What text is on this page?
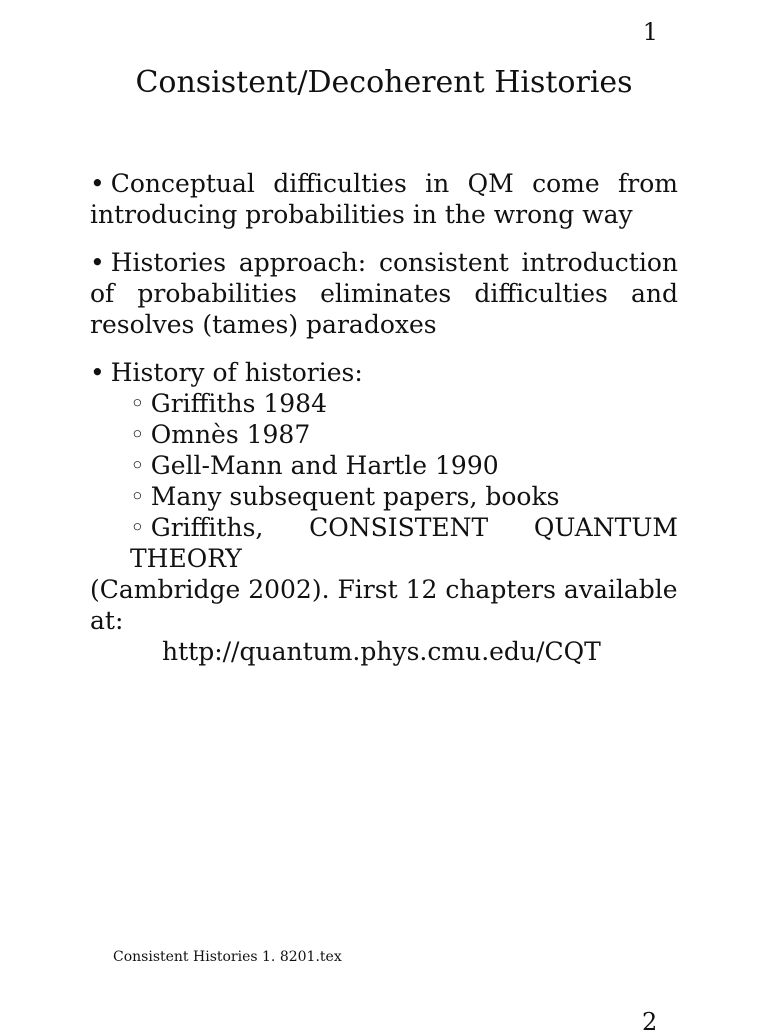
1
Consistent/Decoherent Histories
• Conceptual difficulties in QM come from introducing probabilities in the wrong way
• Histories approach: consistent introduction of probabilities eliminates difficulties and resolves (tames) paradoxes
• History of histories:
◦ Griffiths 1984
◦ Omnès 1987
◦ Gell-Mann and Hartle 1990
◦ Many subsequent papers, books
◦ Griffiths, CONSISTENT QUANTUM THEORY
(Cambridge 2002). First 12 chapters available at:
http://quantum.phys.cmu.edu/CQT
Consistent Histories 1. 8201.tex
2
